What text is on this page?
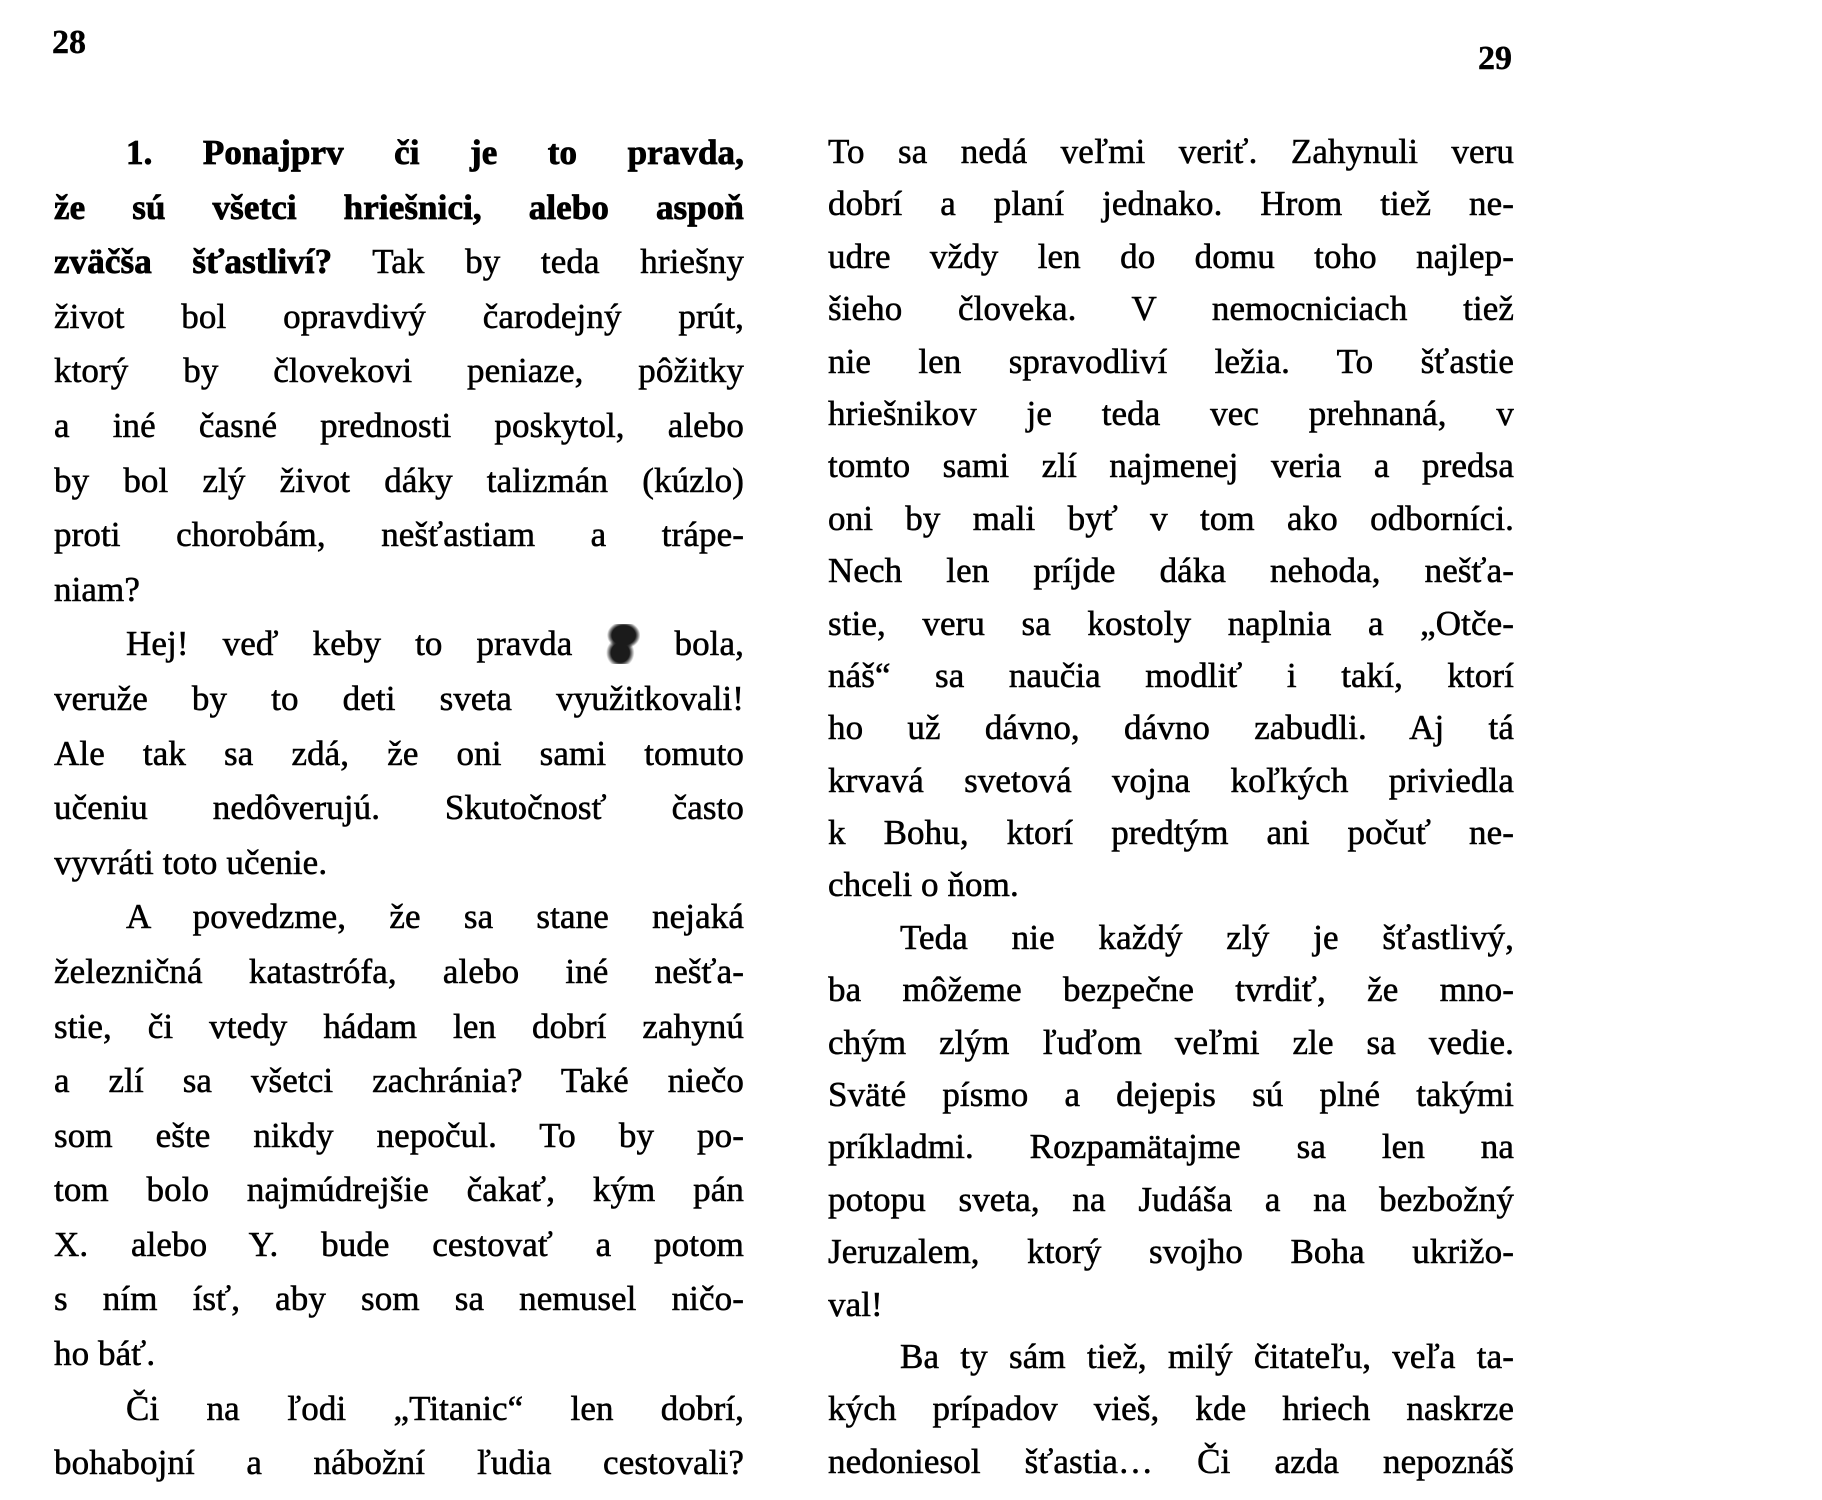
28	29
1. Ponajprv či je to pravda,
že sú všetci hriešnici, alebo aspoň
zväčša šťastliví? Tak by teda hriešny
život bol opravdivý čarodejný prút,
ktorý by človekovi peniaze, pôžitky
a iné časné prednosti poskytol, alebo
by bol zlý život dáky talizmán (kúzlo)
proti chorobám, nešťastiam a trápe-
niam?
Hej! veď keby to pravda	bola,
veruže by to deti sveta využitkovali!
Ale tak sa zdá, že oni sami tomuto
učeniu nedôverujú. Skutočnosť často
vyvráti toto učenie.
A povedzme, že sa stane nejaká
železničná katastrófa, alebo iné nešťa-
stie, či vtedy hádam len dobrí zahynú
a zlí sa všetci zachránia? Také niečo
som ešte nikdy nepočul. To by po-
tom bolo najmúdrejšie čakať, kým pán
X. alebo Y. bude cestovať a potom
s ním ísť, aby som sa nemusel ničo-
ho báť.
Či na ľodi „Titanic“ len dobrí,
bohabojní a nábožní ľudia cestovali?
To sa nedá veľmi veriť. Zahynuli veru
dobrí a planí jednako. Hrom tiež ne-
udre vždy len do domu toho najlep-
šieho človeka. V nemocniciach tiež
nie len spravodliví ležia. To šťastie
hriešnikov je teda vec prehnaná, v
tomto sami zlí najmenej veria a predsa
oni by mali byť v tom ako odborníci.
Nech len príjde dáka nehoda, nešťa-
stie, veru sa kostoly naplnia a „Otče-
náš“ sa naučia modliť i takí, ktorí
ho už dávno, dávno zabudli. Aj tá
krvavá svetová vojna koľkých priviedla
k Bohu, ktorí predtým ani počuť ne-
chceli o ňom.
Teda nie každý zlý je šťastlivý,
ba môžeme bezpečne tvrdiť, že mno-
chým zlým ľuďom veľmi zle sa vedie.
Sväté písmo a dejepis sú plné takými
príkladmi. Rozpamätajme sa len na
potopu sveta, na Judáša a na bezbožný
Jeruzalem, ktorý svojho Boha ukrižo-
val!
Ba ty sám tiež, milý čitateľu, veľa ta-
kých prípadov vieš, kde hriech naskrze
nedoniesol šťastia… Či azda nepoznáš
